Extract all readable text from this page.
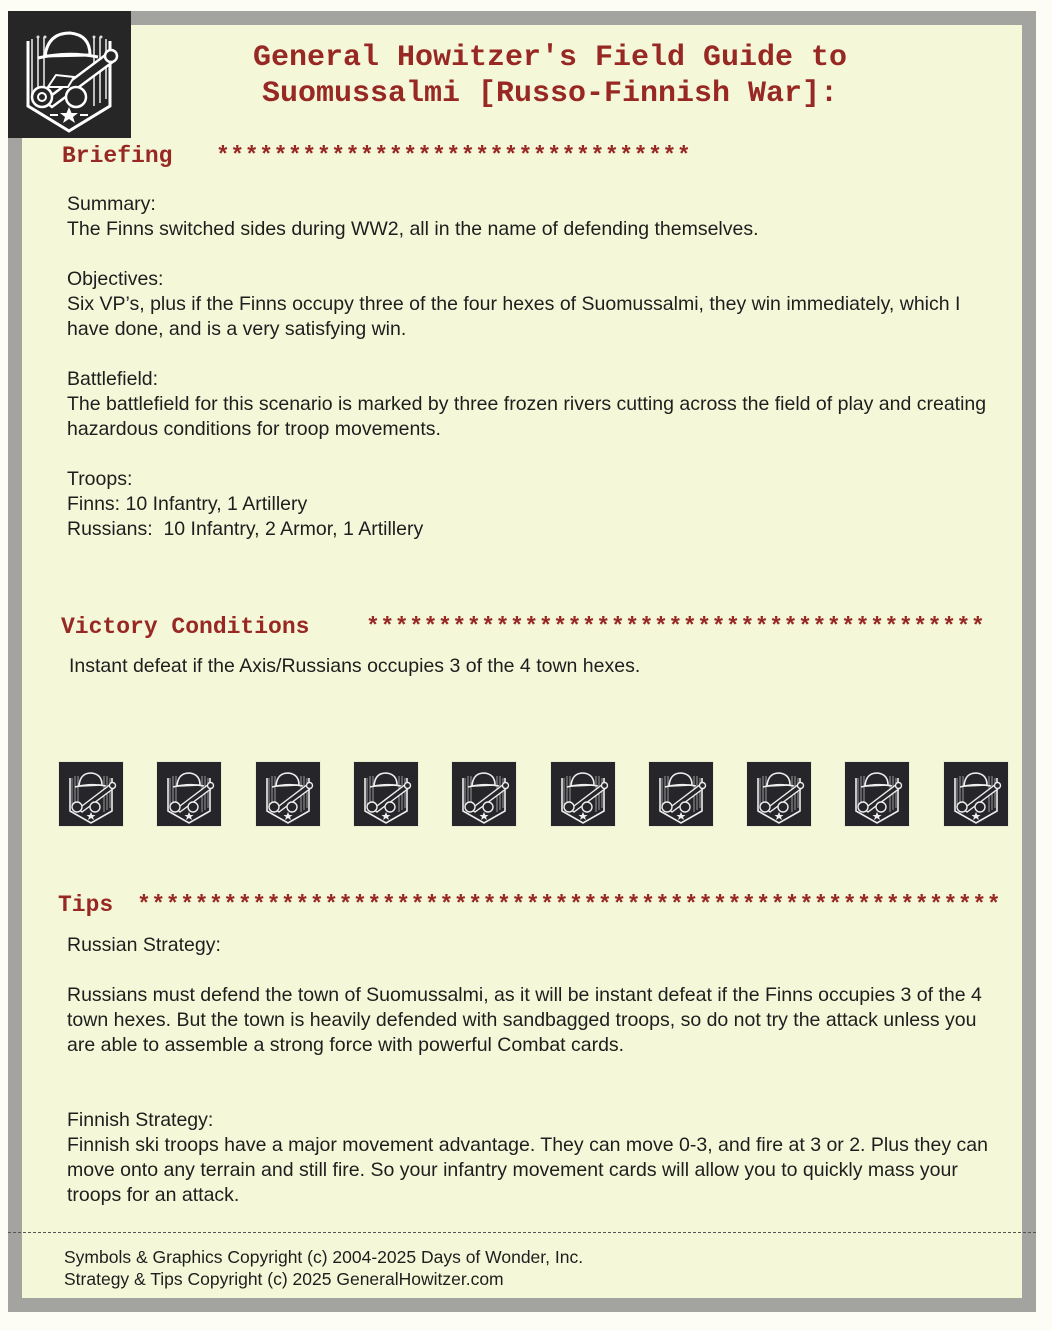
General Howitzer's Field Guide to
Suomussalmi [Russo-Finnish War]:
Briefing *********************************

Summary:

The Finns switched sides during WW2, all in the name of defending themselves.

Objectives:

Six VP’s, plus if the Finns occupy three of the four hexes of Suomussalmi, they win immediately, which I have done, and is a very satisfying win.

Battlefield:

The battlefield for this scenario is marked by three frozen rivers cutting across the field of play and creating hazardous conditions for troop movements.

Troops:

Finns: 10 Infantry, 1 Artillery

Russians:  10 Infantry, 2 Armor, 1 Artillery

Victory Conditions *******************************************
Instant defeat if the Axis/Russians occupies 3 of the 4 town hexes.
Tips ************************************************************

Russian Strategy:

Russians must defend the town of Suomussalmi, as it will be instant defeat if the Finns occupies 3 of the 4 town hexes. But the town is heavily defended with sandbagged troops, so do not try the attack unless you are able to assemble a strong force with powerful Combat cards.

Finnish Strategy:

Finnish ski troops have a major movement advantage. They can move 0-3, and fire at 3 or 2. Plus they can move onto any terrain and still fire. So your infantry movement cards will allow you to quickly mass your troops for an attack.

Symbols & Graphics Copyright (c) 2004-2025 Days of Wonder, Inc.

Strategy & Tips Copyright (c) 2025 GeneralHowitzer.com
